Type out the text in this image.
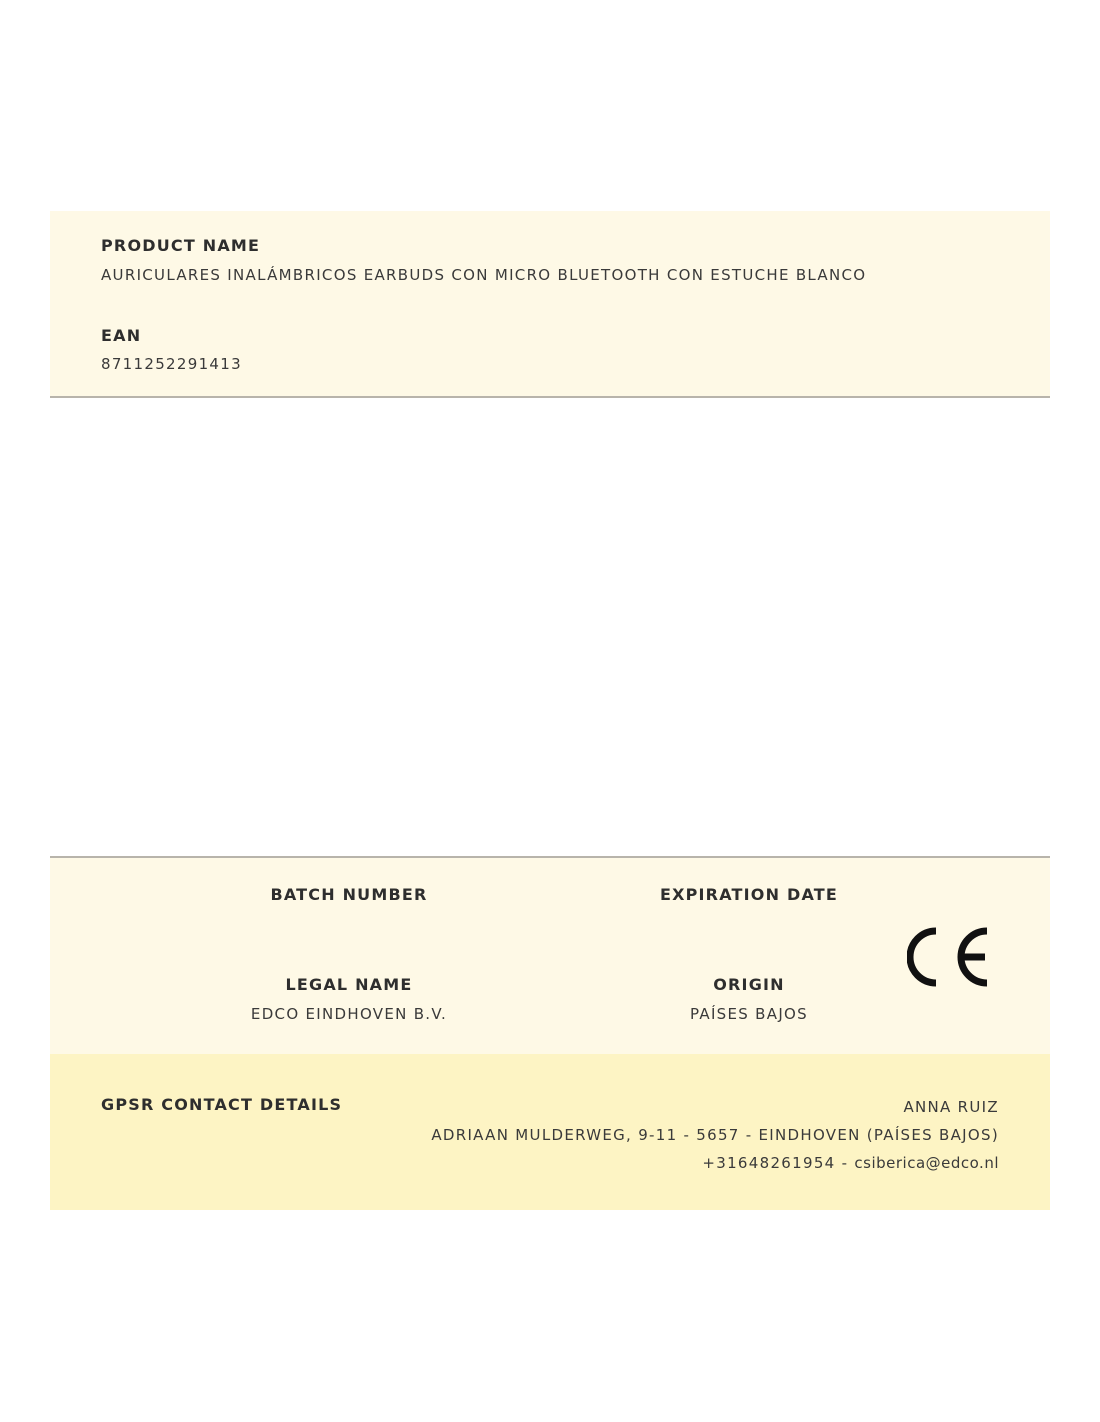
PRODUCT NAME
AURICULARES INALÁMBRICOS EARBUDS CON MICRO BLUETOOTH CON ESTUCHE BLANCO
EAN
8711252291413
BATCH NUMBER	EXPIRATION DATE
LEGAL NAME
EDCO EINDHOVEN B.V.
ORIGIN
PAÍSES BAJOS
GPSR CONTACT DETAILS	ANNA RUIZ
ADRIAAN MULDERWEG, 9-11 - 5657 - EINDHOVEN (PAÍSES BAJOS)
+31648261954 - csiberica@edco.nl
